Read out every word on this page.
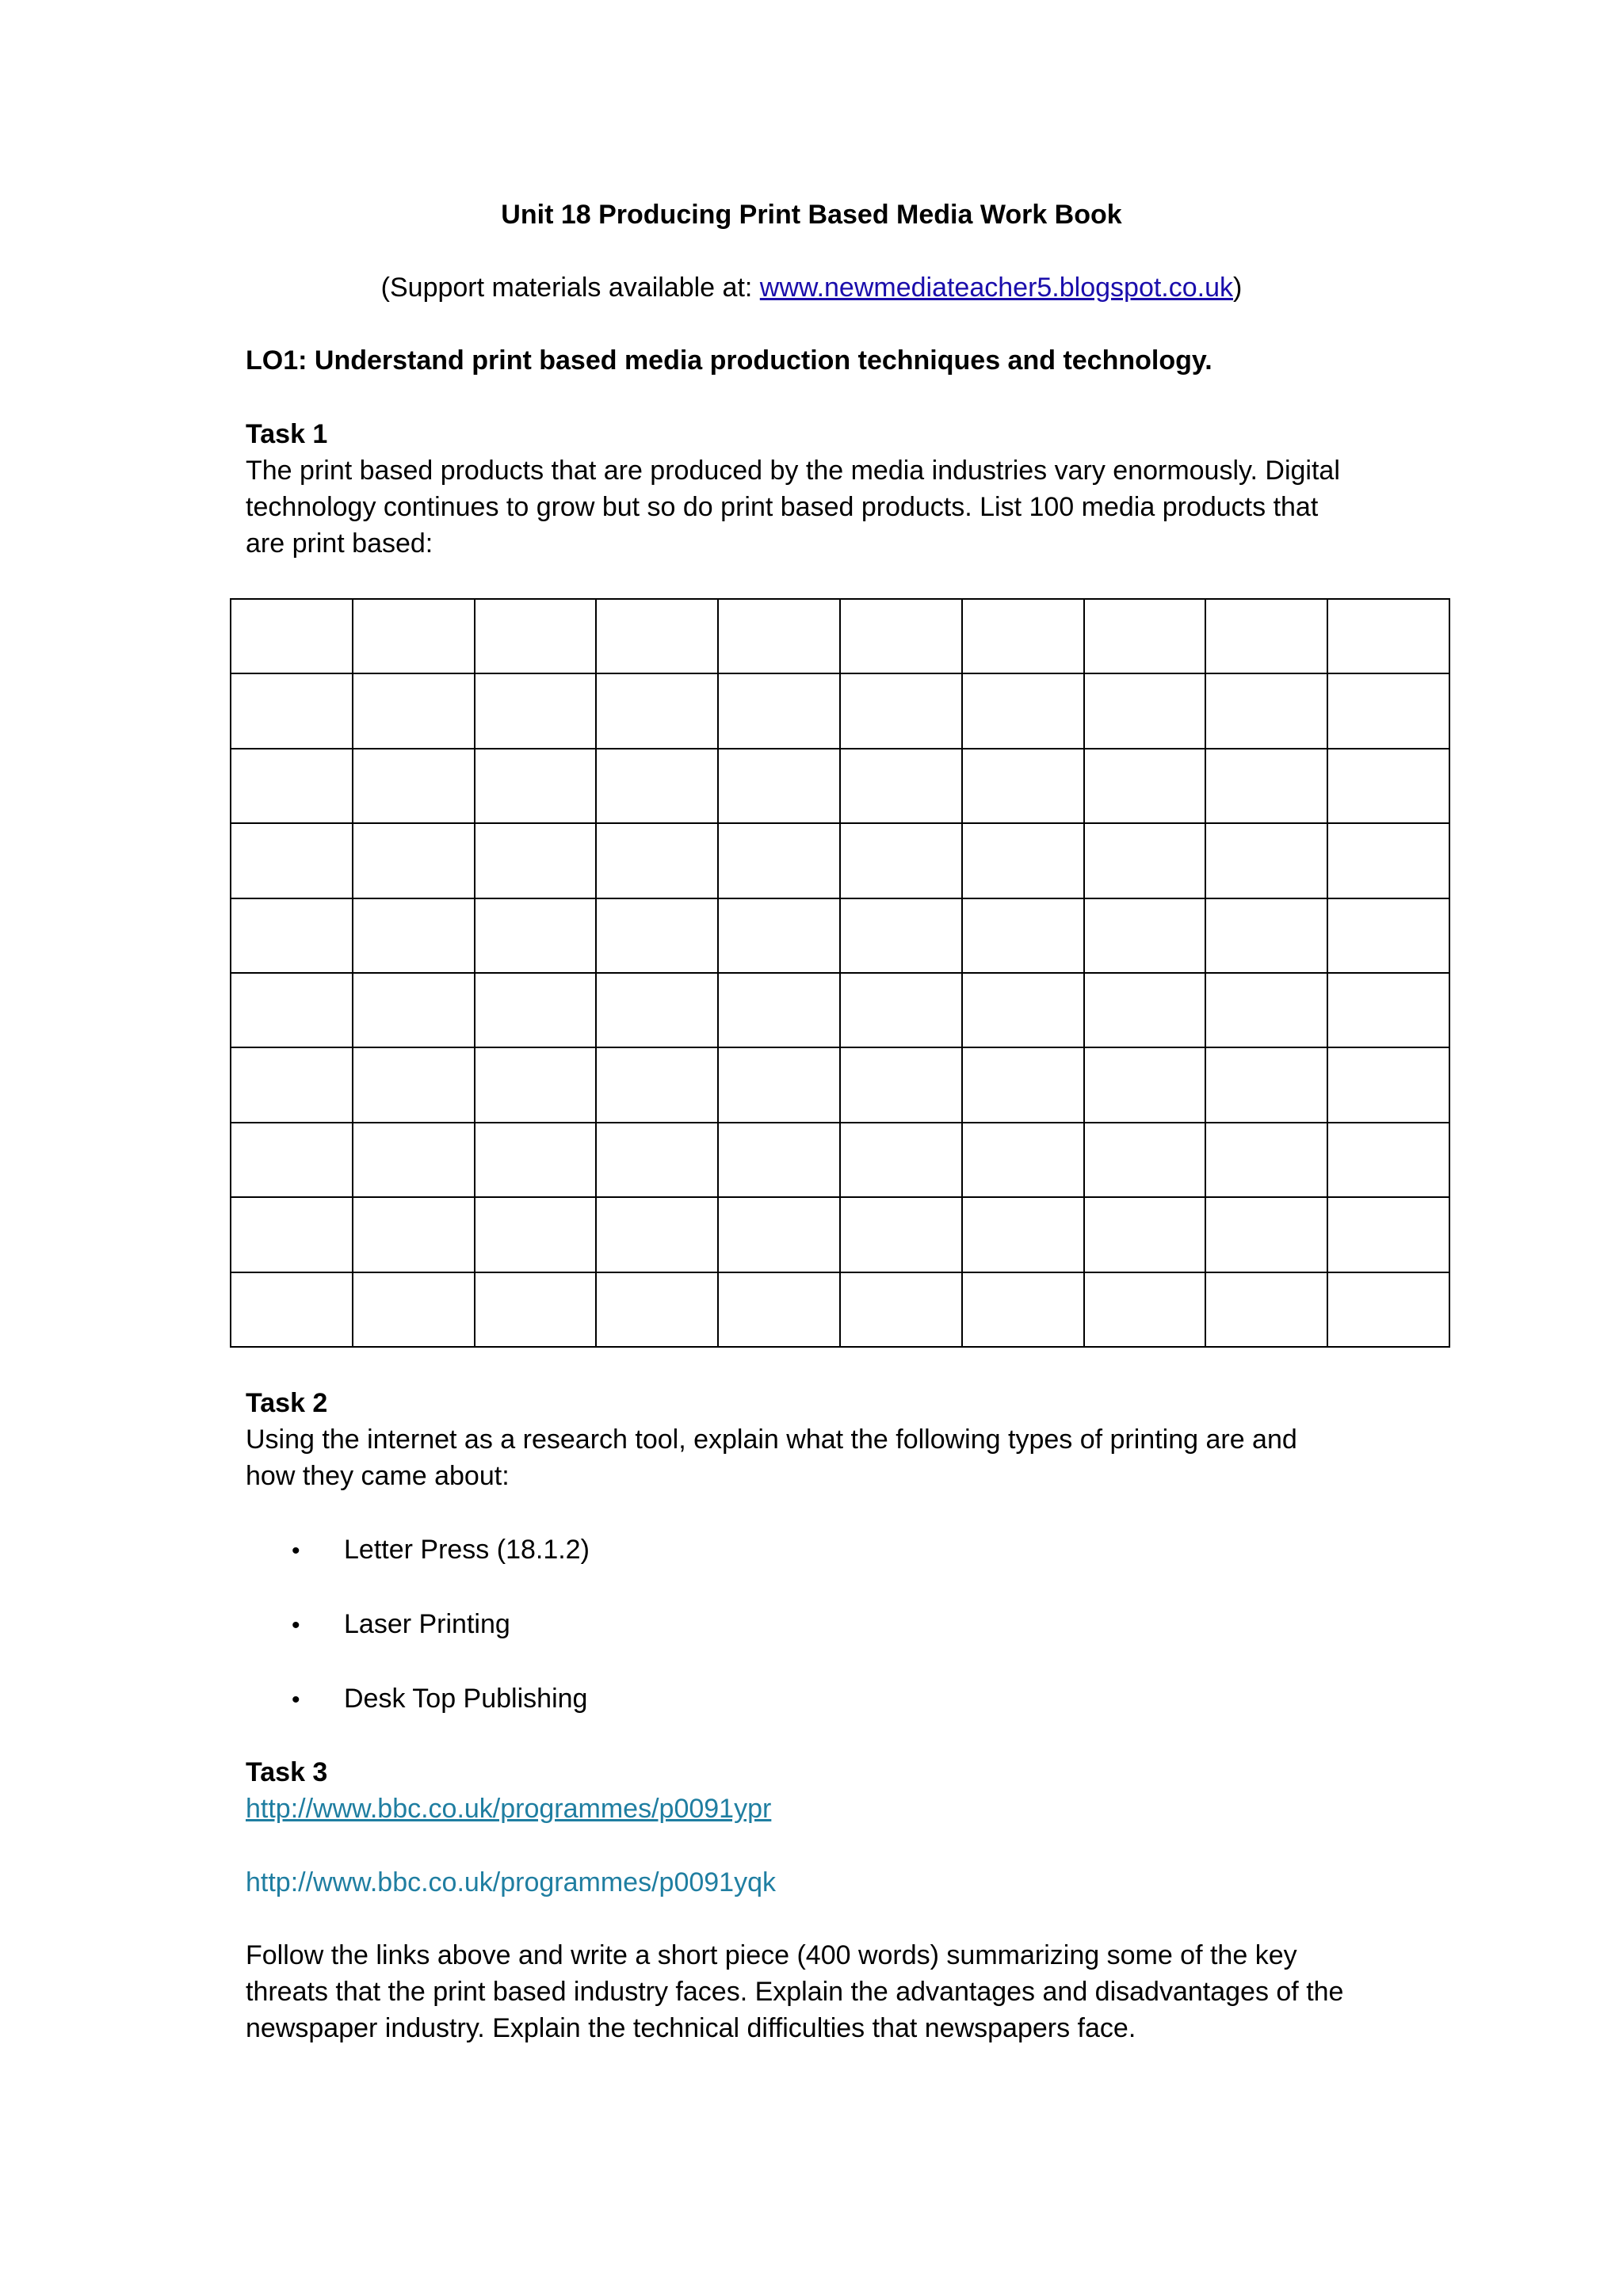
Unit 18 Producing Print Based Media Work Book
(Support materials available at: www.newmediateacher5.blogspot.co.uk)
LO1: Understand print based media production techniques and technology.
Task 1
The print based products that are produced by the media industries vary enormously. Digital
technology continues to grow but so do print based products. List 100 media products that
are print based:

Task 2
Using the internet as a research tool, explain what the following types of printing are and
how they came about:
• Letter Press (18.1.2)
• Laser Printing
• Desk Top Publishing
Task 3
http://www.bbc.co.uk/programmes/p0091ypr
http://www.bbc.co.uk/programmes/p0091yqk
Follow the links above and write a short piece (400 words) summarizing some of the key
threats that the print based industry faces. Explain the advantages and disadvantages of the
newspaper industry. Explain the technical difficulties that newspapers face.
